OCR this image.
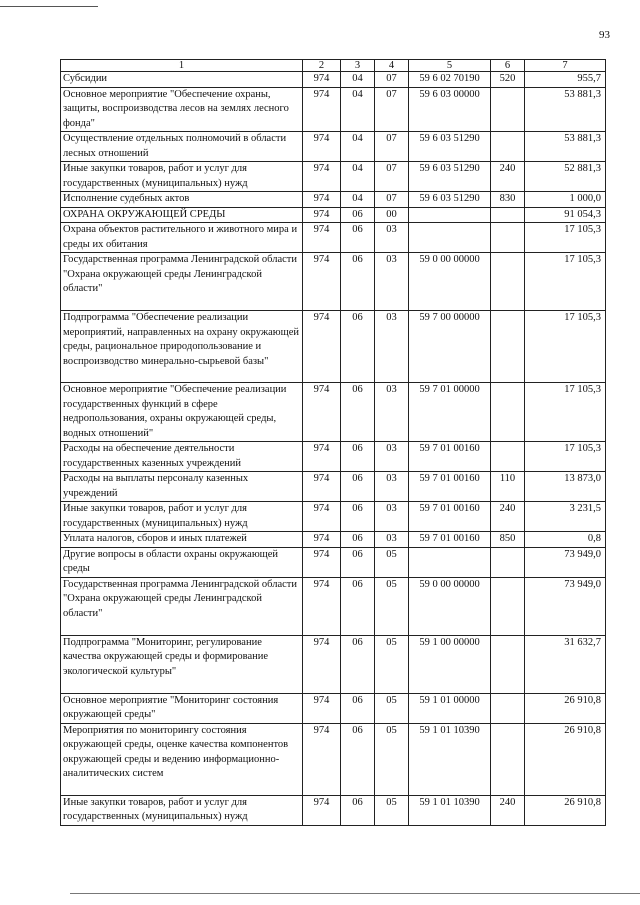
93
1	2	3	4	5	6	7
Субсидии	974	04	07	59 6 02 70190	520	955,7
Основное мероприятие "Обеспечение охраны, защиты, воспроизводства лесов на землях лесного фонда"	974	04	07	59 6 03 00000		53 881,3
Осуществление отдельных полномочий в области лесных отношений	974	04	07	59 6 03 51290		53 881,3
Иные закупки товаров, работ и услуг для государственных (муниципальных) нужд	974	04	07	59 6 03 51290	240	52 881,3
Исполнение судебных актов	974	04	07	59 6 03 51290	830	1 000,0
ОХРАНА ОКРУЖАЮЩЕЙ СРЕДЫ	974	06	00			91 054,3
Охрана объектов растительного и животного мира и среды их обитания	974	06	03			17 105,3
Государственная программа Ленинградской области "Охрана окружающей среды Ленинградской области"	974	06	03	59 0 00 00000		17 105,3
Подпрограмма "Обеспечение реализации мероприятий, направленных на охрану окружающей среды, рациональное природопользование и воспроизводство минерально-сырьевой базы"	974	06	03	59 7 00 00000		17 105,3
Основное мероприятие "Обеспечение реализации государственных функций в сфере недропользования, охраны окружающей среды, водных отношений"	974	06	03	59 7 01 00000		17 105,3
Расходы на обеспечение деятельности государственных казенных учреждений	974	06	03	59 7 01 00160		17 105,3
Расходы на выплаты персоналу казенных учреждений	974	06	03	59 7 01 00160	110	13 873,0
Иные закупки товаров, работ и услуг для государственных (муниципальных) нужд	974	06	03	59 7 01 00160	240	3 231,5
Уплата налогов, сборов и иных платежей	974	06	03	59 7 01 00160	850	0,8
Другие вопросы в области охраны окружающей среды	974	06	05			73 949,0
Государственная программа Ленинградской области "Охрана окружающей среды Ленинградской области"	974	06	05	59 0 00 00000		73 949,0
Подпрограмма "Мониторинг, регулирование качества окружающей среды и формирование экологической культуры"	974	06	05	59 1 00 00000		31 632,7
Основное мероприятие "Мониторинг состояния окружающей среды"	974	06	05	59 1 01 00000		26 910,8
Мероприятия по мониторингу состояния окружающей среды, оценке качества компонентов окружающей среды и ведению информационно-аналитических систем	974	06	05	59 1 01 10390		26 910,8
Иные закупки товаров, работ и услуг для государственных (муниципальных) нужд	974	06	05	59 1 01 10390	240	26 910,8
